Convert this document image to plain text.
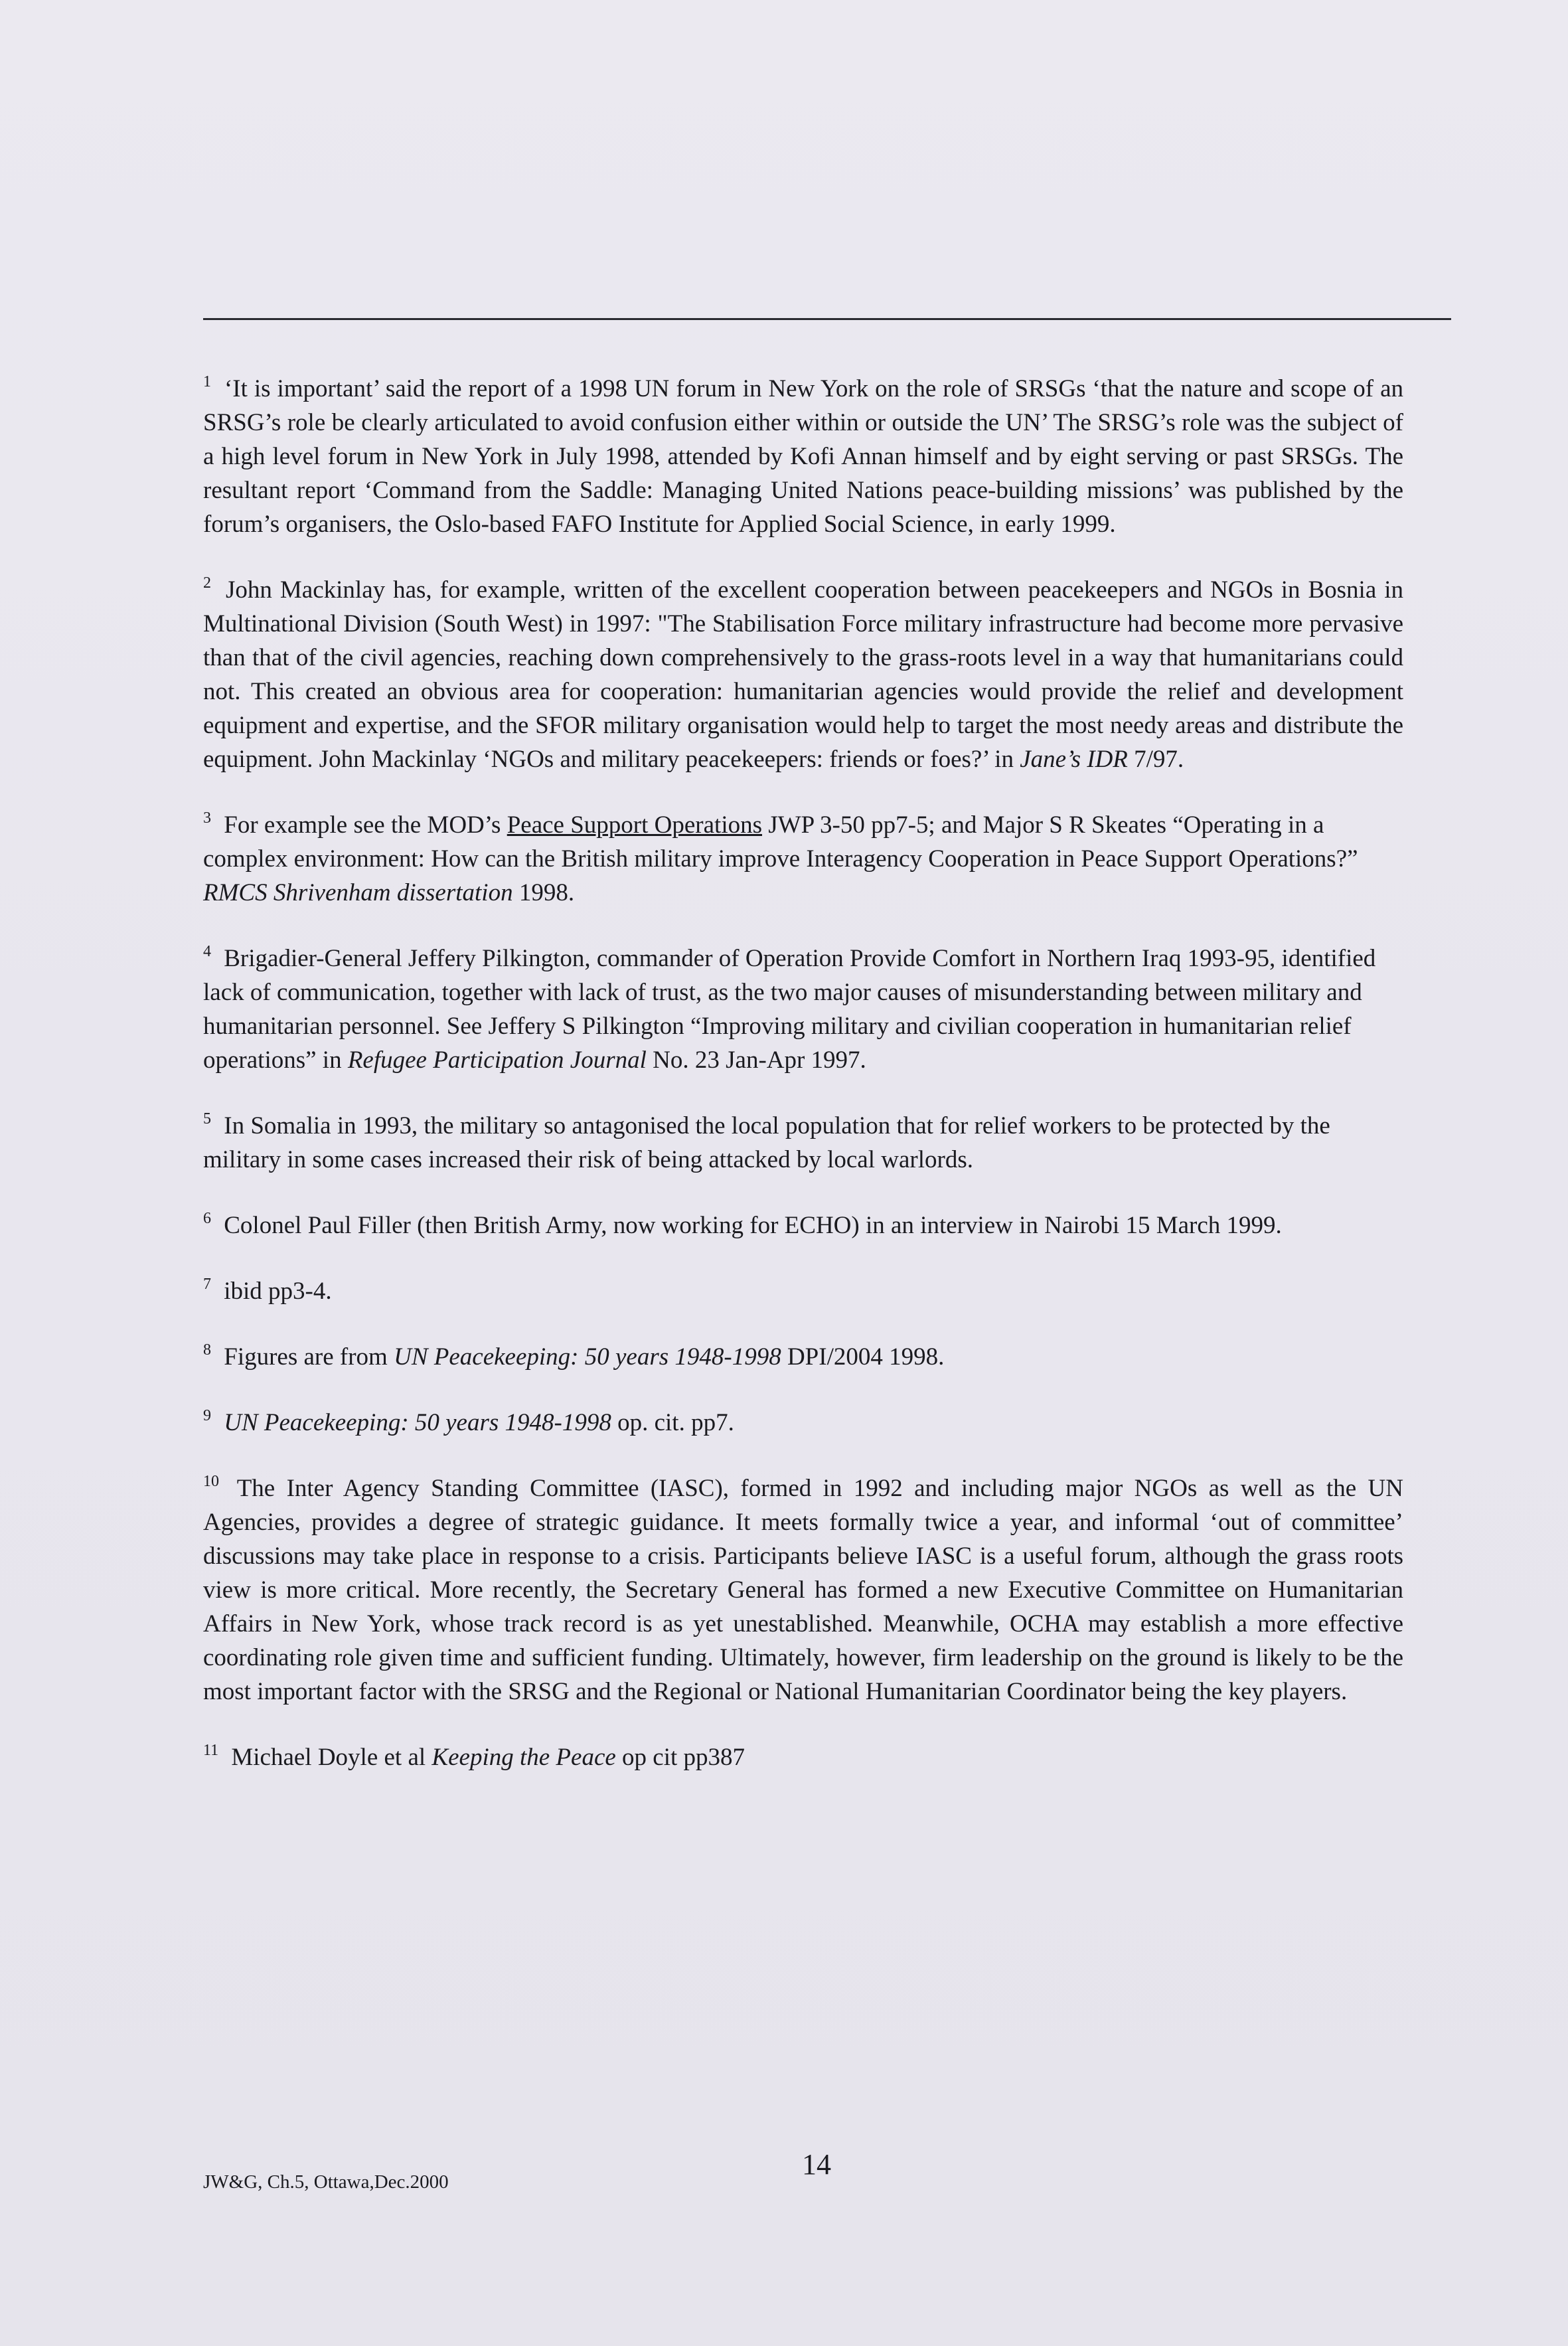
$^1$ ‘It is important’ said the report of a 1998 UN forum in New York on the role of SRSGs ‘that the nature and scope of an SRSG’s role be clearly articulated to avoid confusion either within or outside the UN’ The SRSG’s role was the subject of a high level forum in New York in July 1998, attended by Kofi Annan himself and by eight serving or past SRSGs. The resultant report ‘Command from the Saddle: Managing United Nations peace-building missions’ was published by the forum’s organisers, the Oslo-based FAFO Institute for Applied Social Science, in early 1999.

$^2$ John Mackinlay has, for example, written of the excellent cooperation between peacekeepers and NGOs in Bosnia in Multinational Division (South West) in 1997: "The Stabilisation Force military infrastructure had become more pervasive than that of the civil agencies, reaching down comprehensively to the grass-roots level in a way that humanitarians could not. This created an obvious area for cooperation: humanitarian agencies would provide the relief and development equipment and expertise, and the SFOR military organisation would help to target the most needy areas and distribute the equipment. John Mackinlay ‘NGOs and military peacekeepers: friends or foes?’ in Jane’s IDR 7/97.

$^3$ For example see the MOD’s Peace Support Operations JWP 3-50 pp7-5; and Major S R Skeates “Operating in a complex environment: How can the British military improve Interagency Cooperation in Peace Support Operations?” RMCS Shrivenham dissertation 1998.

$^4$ Brigadier-General Jeffery Pilkington, commander of Operation Provide Comfort in Northern Iraq 1993-95, identified lack of communication, together with lack of trust, as the two major causes of misunderstanding between military and humanitarian personnel. See Jeffery S Pilkington “Improving military and civilian cooperation in humanitarian relief operations” in Refugee Participation Journal No. 23 Jan-Apr 1997.

$^5$ In Somalia in 1993, the military so antagonised the local population that for relief workers to be protected by the military in some cases increased their risk of being attacked by local warlords.

$^6$ Colonel Paul Filler (then British Army, now working for ECHO) in an interview in Nairobi 15 March 1999.

$^7$ ibid pp3-4.

$^8$ Figures are from UN Peacekeeping: 50 years 1948-1998 DPI/2004 1998.

$^9$ UN Peacekeeping: 50 years 1948-1998 op. cit. pp7.

$^{10}$ The Inter Agency Standing Committee (IASC), formed in 1992 and including major NGOs as well as the UN Agencies, provides a degree of strategic guidance. It meets formally twice a year, and informal ‘out of committee’ discussions may take place in response to a crisis. Participants believe IASC is a useful forum, although the grass roots view is more critical. More recently, the Secretary General has formed a new Executive Committee on Humanitarian Affairs in New York, whose track record is as yet unestablished. Meanwhile, OCHA may establish a more effective coordinating role given time and sufficient funding. Ultimately, however, firm leadership on the ground is likely to be the most important factor with the SRSG and the Regional or National Humanitarian Coordinator being the key players.

$^{11}$ Michael Doyle et al Keeping the Peace op cit pp387

14
JW&G, Ch.5, Ottawa,Dec.2000
